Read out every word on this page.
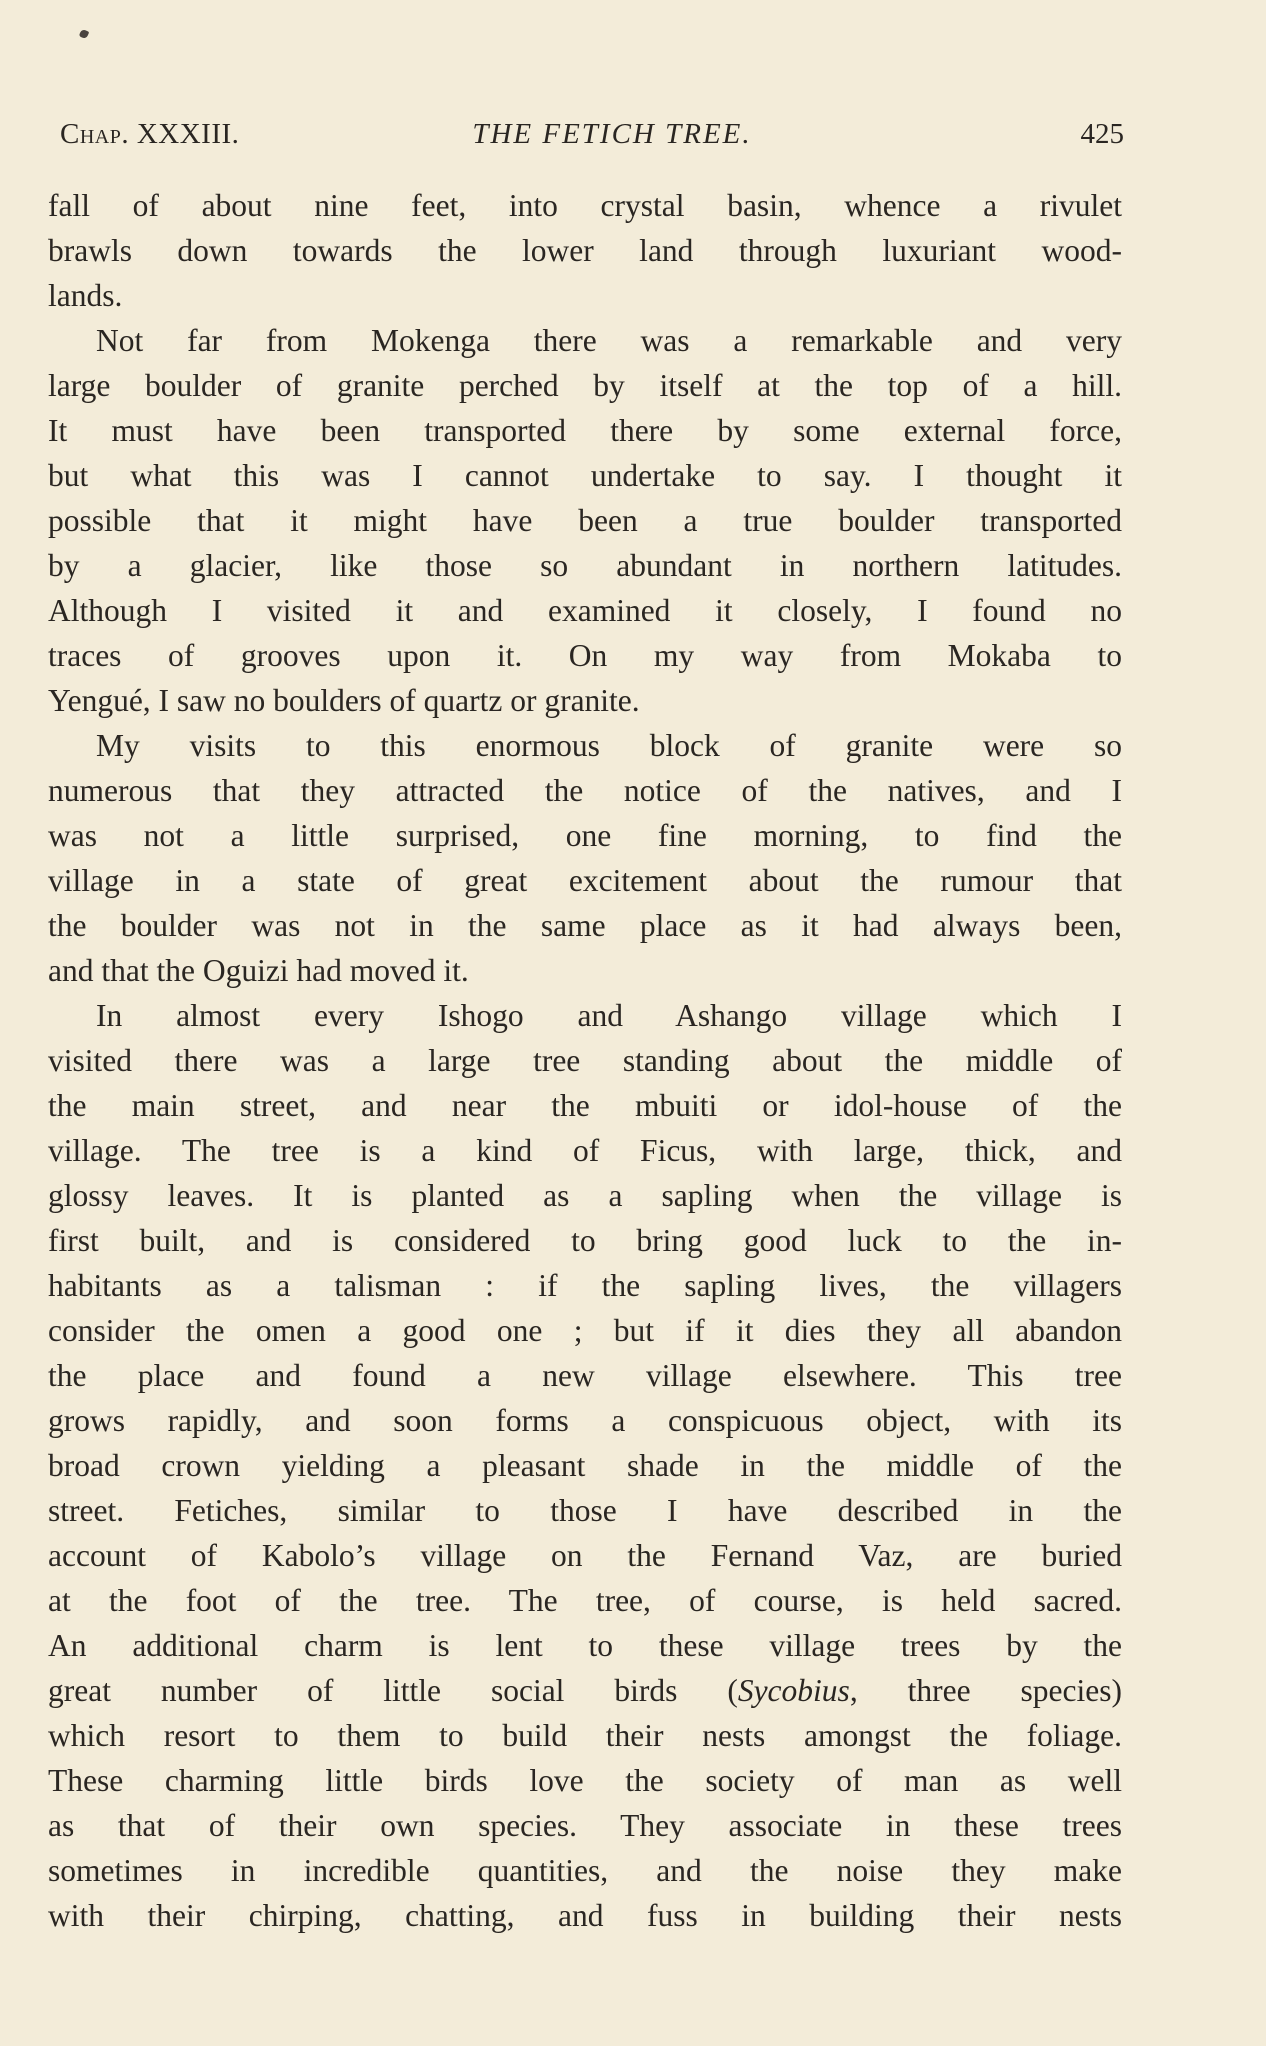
Chap. XXXIII.	THE FETICH TREE.	425
fall of about nine feet, into crystal basin, whence a rivulet
brawls down towards the lower land through luxuriant wood-
lands.
Not far from Mokenga there was a remarkable and very
large boulder of granite perched by itself at the top of a hill.
It must have been transported there by some external force,
but what this was I cannot undertake to say. I thought it
possible that it might have been a true boulder transported
by a glacier, like those so abundant in northern latitudes.
Although I visited it and examined it closely, I found no
traces of grooves upon it. On my way from Mokaba to
Yengué, I saw no boulders of quartz or granite.
My visits to this enormous block of granite were so
numerous that they attracted the notice of the natives, and I
was not a little surprised, one fine morning, to find the
village in a state of great excitement about the rumour that
the boulder was not in the same place as it had always been,
and that the Oguizi had moved it.
In almost every Ishogo and Ashango village which I
visited there was a large tree standing about the middle of
the main street, and near the mbuiti or idol-house of the
village. The tree is a kind of Ficus, with large, thick, and
glossy leaves. It is planted as a sapling when the village is
first built, and is considered to bring good luck to the in-
habitants as a talisman : if the sapling lives, the villagers
consider the omen a good one ; but if it dies they all abandon
the place and found a new village elsewhere. This tree
grows rapidly, and soon forms a conspicuous object, with its
broad crown yielding a pleasant shade in the middle of the
street. Fetiches, similar to those I have described in the
account of Kabolo’s village on the Fernand Vaz, are buried
at the foot of the tree. The tree, of course, is held sacred.
An additional charm is lent to these village trees by the
great number of little social birds (Sycobius, three species)
which resort to them to build their nests amongst the foliage.
These charming little birds love the society of man as well
as that of their own species. They associate in these trees
sometimes in incredible quantities, and the noise they make
with their chirping, chatting, and fuss in building their nests
